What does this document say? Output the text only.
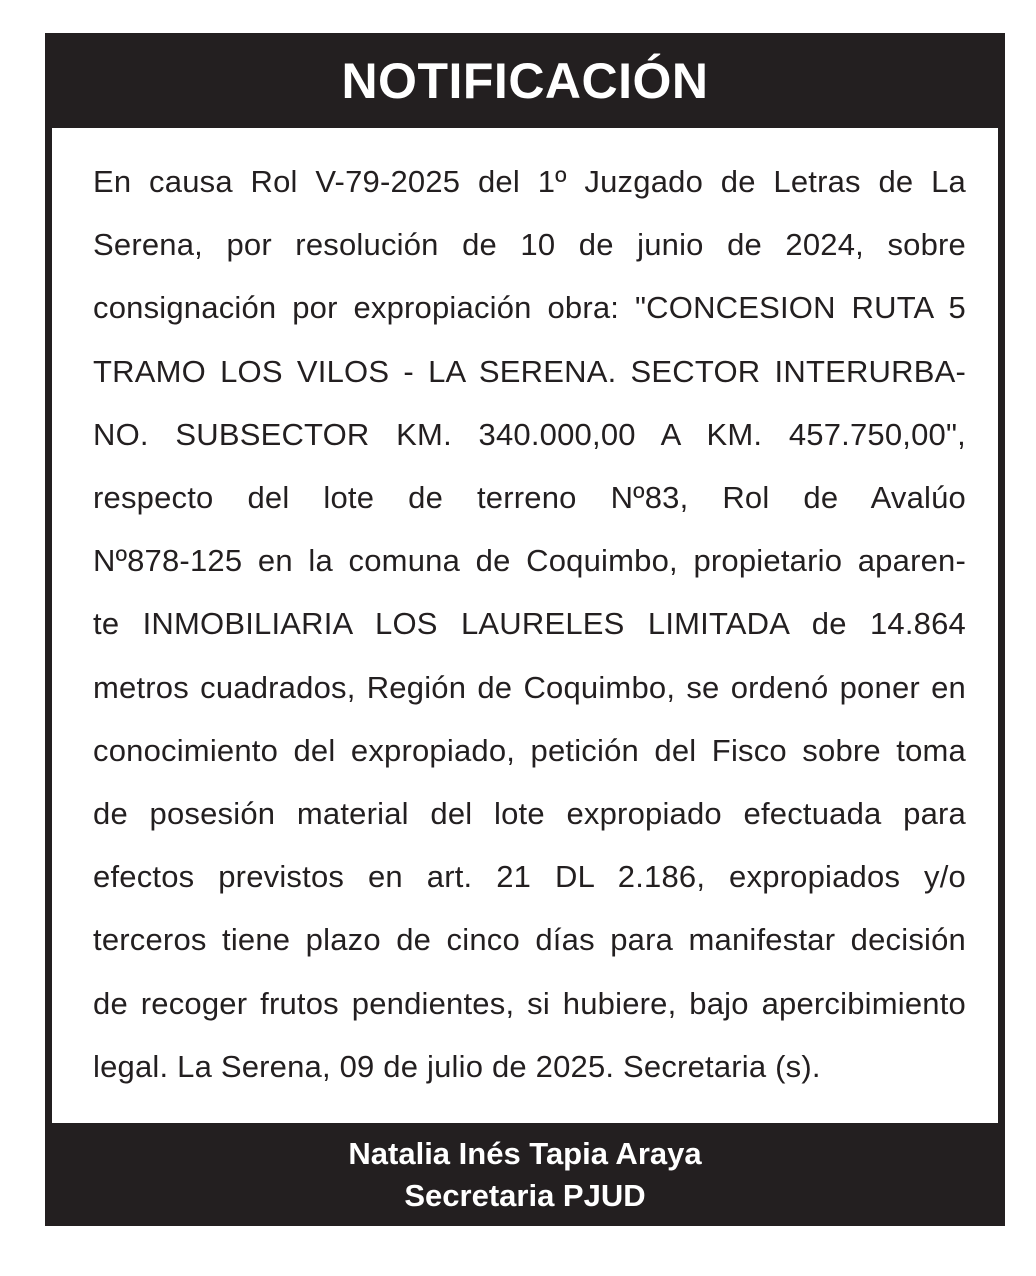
NOTIFICACIÓN

En causa Rol V-79-2025 del 1º Juzgado de Letras de La
Serena, por resolución de 10 de junio de 2024, sobre
consignación por expropiación obra: "CONCESION RUTA 5
TRAMO LOS VILOS - LA SERENA. SECTOR INTERURBA-
NO. SUBSECTOR KM. 340.000,00 A KM. 457.750,00",
respecto del lote de terreno Nº83, Rol de Avalúo
Nº878-125 en la comuna de Coquimbo, propietario aparen-
te INMOBILIARIA LOS LAURELES LIMITADA de 14.864
metros cuadrados, Región de Coquimbo, se ordenó poner en
conocimiento del expropiado, petición del Fisco sobre toma
de posesión material del lote expropiado efectuada para
efectos previstos en art. 21 DL 2.186, expropiados y/o
terceros tiene plazo de cinco días para manifestar decisión
de recoger frutos pendientes, si hubiere, bajo apercibimiento
legal. La Serena, 09 de julio de 2025. Secretaria (s).

Natalia Inés Tapia Araya
Secretaria PJUD
